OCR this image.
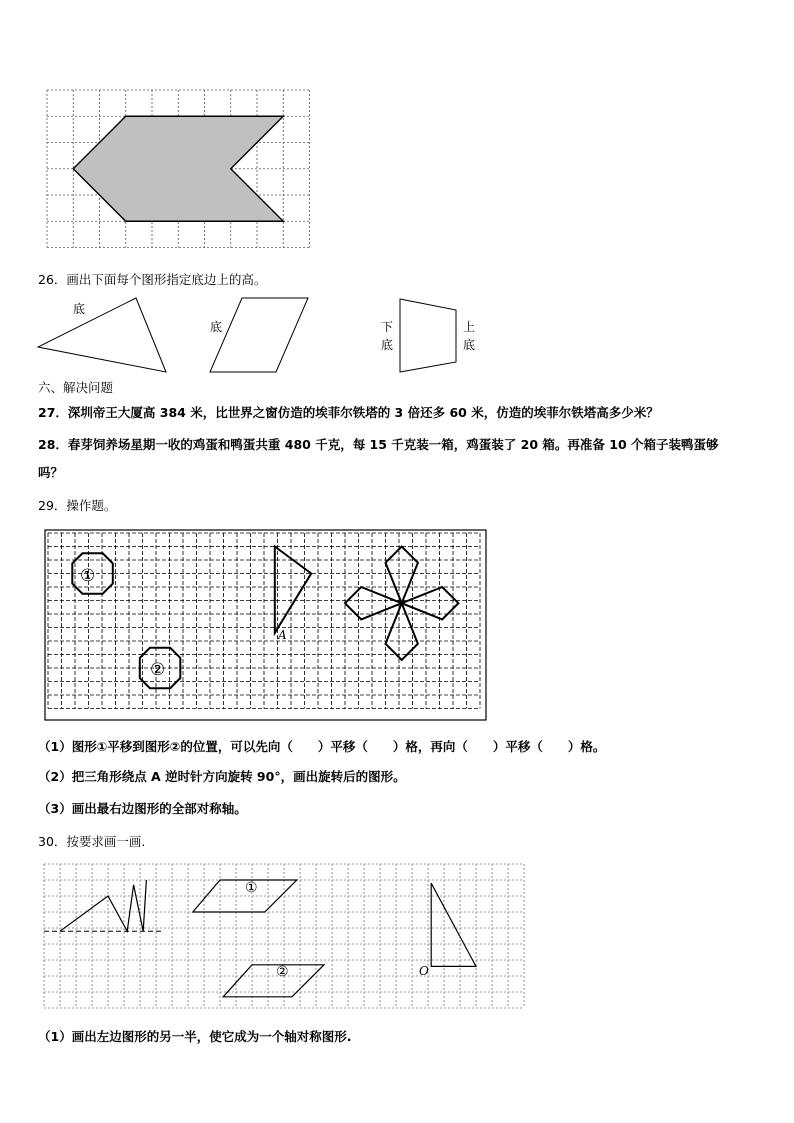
26．画出下面每个图形指定底边上的高。
底
底	下
底
上
底
六、解决问题
27．深圳帝王大厦高 384 米，比世界之窗仿造的埃菲尔铁塔的 3 倍还多 60 米，仿造的埃菲尔铁塔高多少米？
28．春芽饲养场星期一收的鸡蛋和鸭蛋共重 480 千克，每 15 千克装一箱，鸡蛋装了 20 箱。再准备 10 个箱子装鸭蛋够
吗？
29．操作题。
①
②
A
（1）图形①平移到图形②的位置，可以先向（　　）平移（　　）格，再向（　　）平移（　　）格。
（2）把三角形绕点 A 逆时针方向旋转 90°，画出旋转后的图形。
（3）画出最右边图形的全部对称轴。
30．按要求画一画.
①
②	O
（1）画出左边图形的另一半，使它成为一个轴对称图形.
